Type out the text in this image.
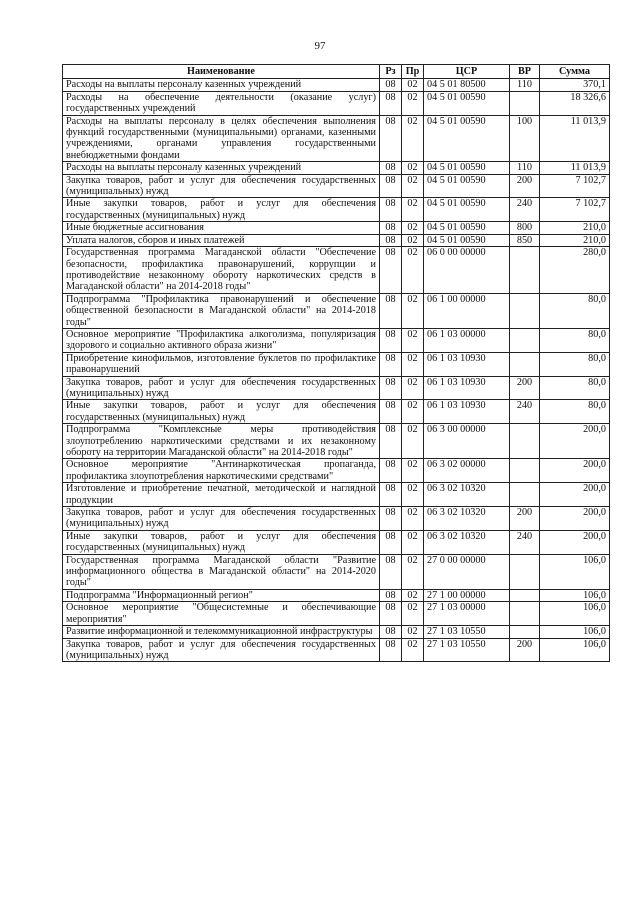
97
Наименование	Рз	Пр	ЦСР	ВР	Сумма
Расходы на выплаты персоналу казенных учреждений	08	02	04 5 01 80500	110	370,1
Расходы на обеспечение деятельности (оказание услуг) государственных учреждений	08	02	04 5 01 00590		18 326,6
Расходы на выплаты персоналу в целях обеспечения выполнения функций государственными (муниципальными) органами, казенными учреждениями, органами управления государственными внебюджетными фондами	08	02	04 5 01 00590	100	11 013,9
Расходы на выплаты персоналу казенных учреждений	08	02	04 5 01 00590	110	11 013,9
Закупка товаров, работ и услуг для обеспечения государственных (муниципальных) нужд	08	02	04 5 01 00590	200	7 102,7
Иные закупки товаров, работ и услуг для обеспечения государственных (муниципальных) нужд	08	02	04 5 01 00590	240	7 102,7
Иные бюджетные ассигнования	08	02	04 5 01 00590	800	210,0
Уплата налогов, сборов и иных платежей	08	02	04 5 01 00590	850	210,0
Государственная программа Магаданской области "Обеспечение безопасности, профилактика правонарушений, коррупции и противодействие незаконному обороту наркотических средств в Магаданской области" на 2014-2018 годы"	08	02	06 0 00 00000		280,0
Подпрограмма "Профилактика правонарушений и обеспечение общественной безопасности в Магаданской области" на 2014-2018 годы"	08	02	06 1 00 00000		80,0
Основное мероприятие "Профилактика алкоголизма, популяризация здорового и социально активного образа жизни"	08	02	06 1 03 00000		80,0
Приобретение кинофильмов, изготовление буклетов по профилактике правонарушений	08	02	06 1 03 10930		80,0
Закупка товаров, работ и услуг для обеспечения государственных (муниципальных) нужд	08	02	06 1 03 10930	200	80,0
Иные закупки товаров, работ и услуг для обеспечения государственных (муниципальных) нужд	08	02	06 1 03 10930	240	80,0
Подпрограмма "Комплексные меры противодействия злоупотреблению наркотическими средствами и их незаконному обороту на территории Магаданской области" на 2014-2018 годы"	08	02	06 3 00 00000		200,0
Основное мероприятие "Антинаркотическая пропаганда, профилактика злоупотребления наркотическими средствами"	08	02	06 3 02 00000		200,0
Изготовление и приобретение печатной, методической и наглядной продукции	08	02	06 3 02 10320		200,0
Закупка товаров, работ и услуг для обеспечения государственных (муниципальных) нужд	08	02	06 3 02 10320	200	200,0
Иные закупки товаров, работ и услуг для обеспечения государственных (муниципальных) нужд	08	02	06 3 02 10320	240	200,0
Государственная программа Магаданской области "Развитие информационного общества в Магаданской области" на 2014-2020 годы"	08	02	27 0 00 00000		106,0
Подпрограмма "Информационный регион"	08	02	27 1 00 00000		106,0
Основное мероприятие "Общесистемные и обеспечивающие мероприятия"	08	02	27 1 03 00000		106,0
Развитие информационной и телекоммуникационной инфраструктуры	08	02	27 1 03 10550		106,0
Закупка товаров, работ и услуг для обеспечения государственных (муниципальных) нужд	08	02	27 1 03 10550	200	106,0
